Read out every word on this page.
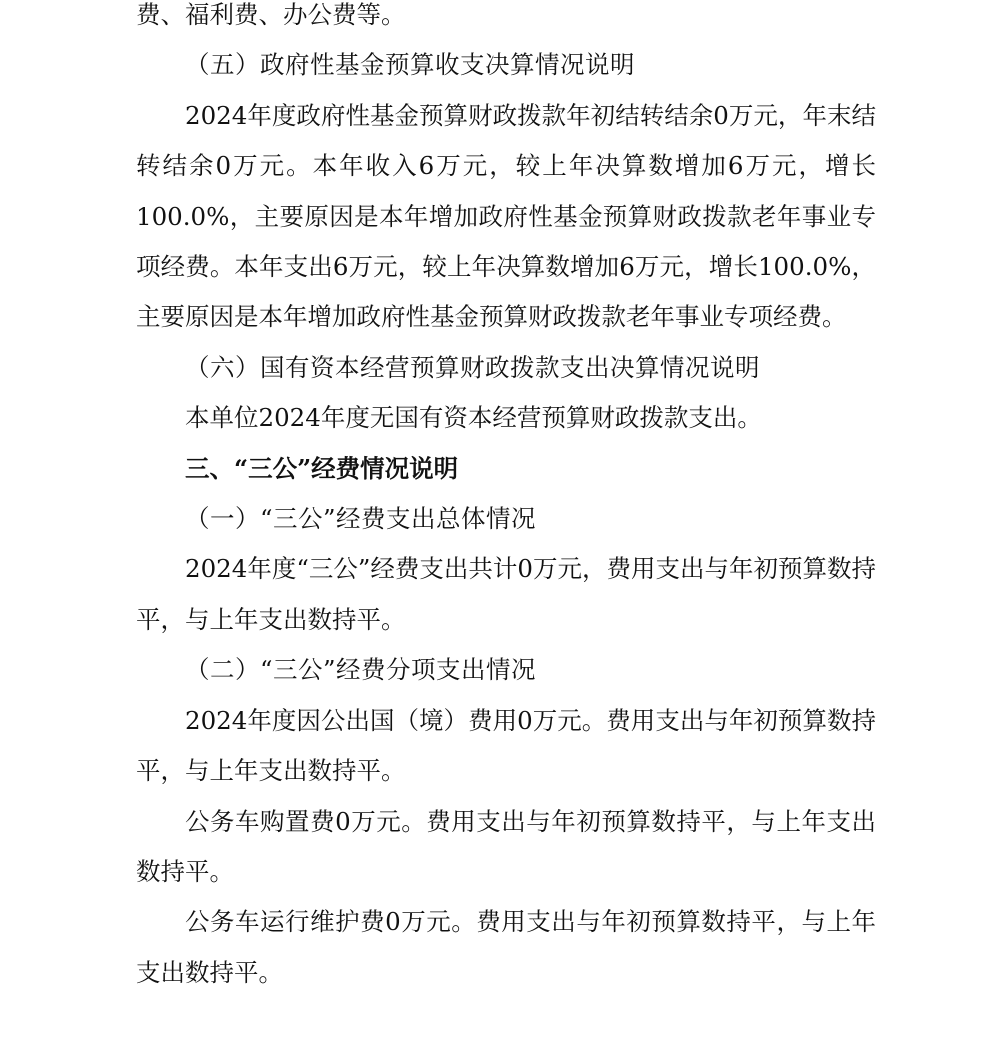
费、福利费、办公费等。

（五）政府性基金预算收支决算情况说明

2024年度政府性基金预算财政拨款年初结转结余0万元，年末结转结余0万元。本年收入6万元，较上年决算数增加6万元，增长100.0%，主要原因是本年增加政府性基金预算财政拨款老年事业专项经费。本年支出6万元，较上年决算数增加6万元，增长100.0%，主要原因是本年增加政府性基金预算财政拨款老年事业专项经费。

（六）国有资本经营预算财政拨款支出决算情况说明

本单位2024年度无国有资本经营预算财政拨款支出。

三、“三公”经费情况说明

（一）“三公”经费支出总体情况

2024年度“三公”经费支出共计0万元，费用支出与年初预算数持平，与上年支出数持平。

（二）“三公”经费分项支出情况

2024年度因公出国（境）费用0万元。费用支出与年初预算数持平，与上年支出数持平。

公务车购置费0万元。费用支出与年初预算数持平，与上年支出数持平。

公务车运行维护费0万元。费用支出与年初预算数持平，与上年支出数持平。
